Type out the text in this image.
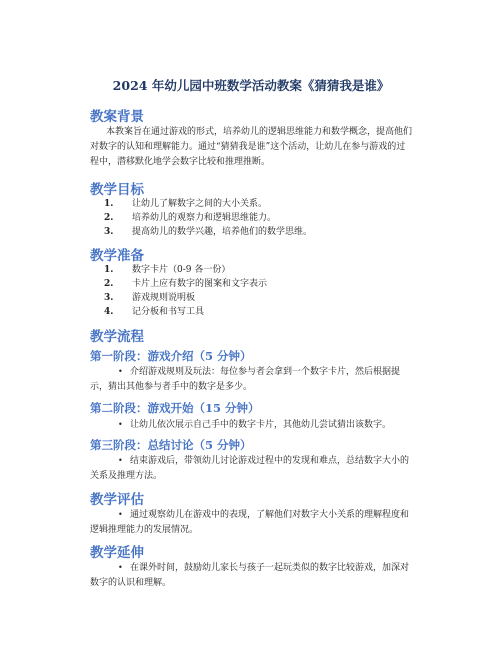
2024 年幼儿园中班数学活动教案《猜猜我是谁》
教案背景
本教案旨在通过游戏的形式，培养幼儿的逻辑思维能力和数学概念，提高他们对数字的认知和理解能力。通过“猜猜我是谁”这个活动，让幼儿在参与游戏的过程中，潜移默化地学会数字比较和推理推断。
教学目标
1. 让幼儿了解数字之间的大小关系。
2. 培养幼儿的观察力和逻辑思维能力。
3. 提高幼儿的数学兴趣，培养他们的数学思维。
教学准备
1. 数字卡片（0-9 各一份）
2. 卡片上应有数字的图案和文字表示
3. 游戏规则说明板
4. 记分板和书写工具
教学流程
第一阶段：游戏介绍（5 分钟）
• 介绍游戏规则及玩法：每位参与者会拿到一个数字卡片，然后根据提示，猜出其他参与者手中的数字是多少。
第二阶段：游戏开始（15 分钟）
• 让幼儿依次展示自己手中的数字卡片，其他幼儿尝试猜出该数字。
第三阶段：总结讨论（5 分钟）
• 结束游戏后，带领幼儿讨论游戏过程中的发现和难点，总结数字大小的关系及推理方法。
教学评估
• 通过观察幼儿在游戏中的表现，了解他们对数字大小关系的理解程度和逻辑推理能力的发展情况。
教学延伸
• 在课外时间，鼓励幼儿家长与孩子一起玩类似的数字比较游戏，加深对数字的认识和理解。
